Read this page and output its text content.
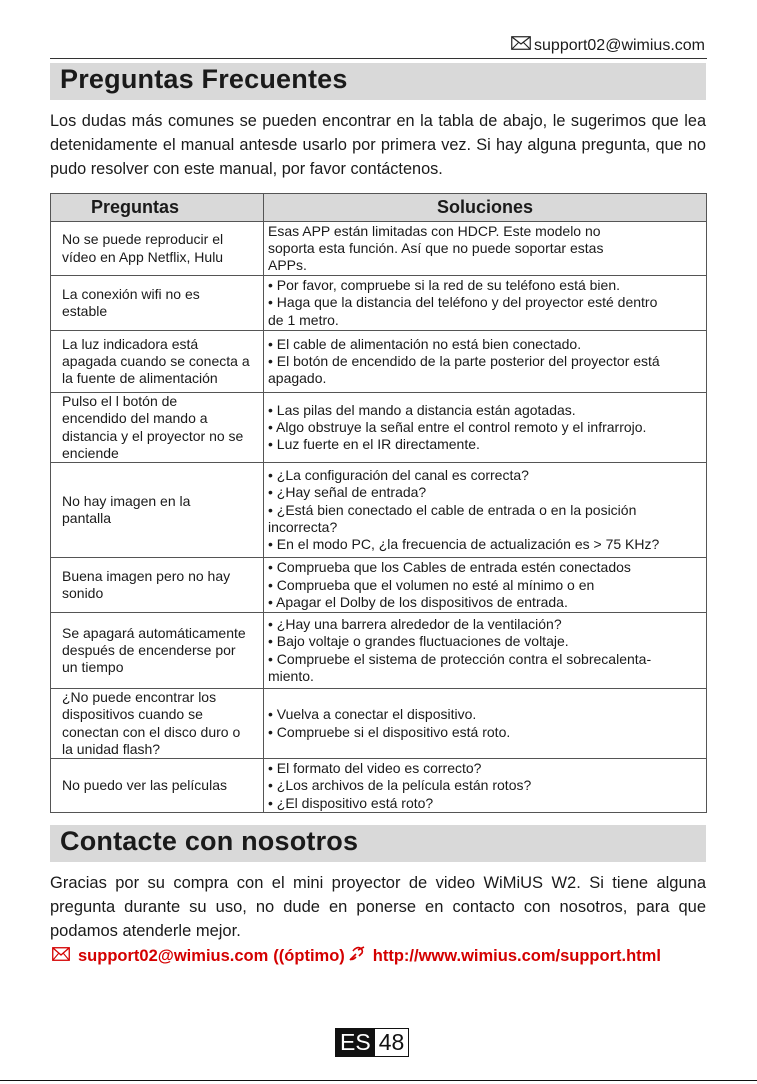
support02@wimius.com
Preguntas Frecuentes
Los dudas más comunes se pueden encontrar en la tabla de abajo, le sugerimos que lea detenidamente el manual antesde usarlo por primera vez. Si hay alguna pregunta, que no pudo resolver con este manual, por favor contáctenos.
Preguntas	Soluciones

No se puede reproducir el
vídeo en App Netflix, Hulu	Esas APP están limitadas con HDCP. Este modelo no
soporta esta función. Así que no puede soportar estas
APPs.

La conexión wifi no es
estable	• Por favor, compruebe si la red de su teléfono está bien.
• Haga que la distancia del teléfono y del proyector esté dentro
de 1 metro.

La luz indicadora está
apagada cuando se conecta a
la fuente de alimentación	• El cable de alimentación no está bien conectado.
• El botón de encendido de la parte posterior del proyector está
apagado.

Pulso el l botón de
encendido del mando a
distancia y el proyector no se
enciende	• Las pilas del mando a distancia están agotadas.
• Algo obstruye la señal entre el control remoto y el infrarrojo.
• Luz fuerte en el IR directamente.

No hay imagen en la
pantalla	• ¿La configuración del canal es correcta?
• ¿Hay señal de entrada?
• ¿Está bien conectado el cable de entrada o en la posición
incorrecta?
• En el modo PC, ¿la frecuencia de actualización es > 75 KHz?

Buena imagen pero no hay
sonido	• Comprueba que los Cables de entrada estén conectados
• Comprueba que el volumen no esté al mínimo o en
• Apagar el Dolby de los dispositivos de entrada.

Se apagará automáticamente
después de encenderse por
un tiempo	• ¿Hay una barrera alrededor de la ventilación?
• Bajo voltaje o grandes fluctuaciones de voltaje.
• Compruebe el sistema de protección contra el sobrecalenta-
miento.

¿No puede encontrar los
dispositivos cuando se
conectan con el disco duro o
la unidad flash?	• Vuelva a conectar el dispositivo.
• Compruebe si el dispositivo está roto.

No puedo ver las películas	• El formato del video es correcto?
• ¿Los archivos de la película están rotos?
• ¿El dispositivo está roto?
Contacte con nosotros
Gracias por su compra con el mini proyector de video WiMiUS W2. Si tiene alguna pregunta durante su uso, no dude en ponerse en contacto con nosotros, para que podamos atenderle mejor.
support02@wimius.com ((óptimo) http://www.wimius.com/support.html
ES 48
